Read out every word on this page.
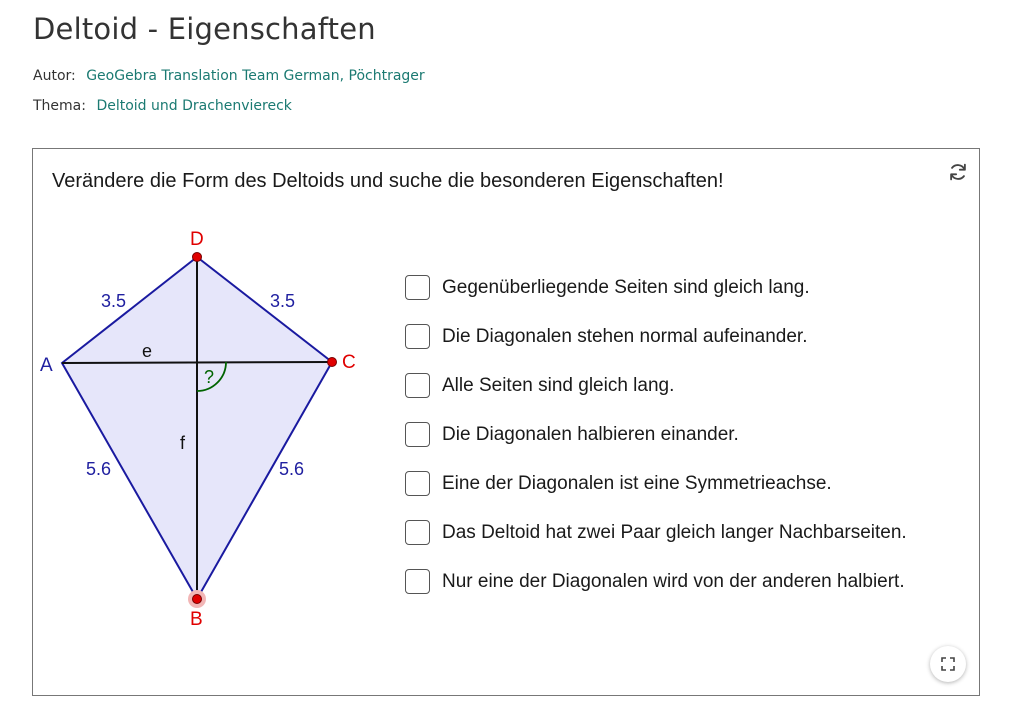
Deltoid - Eigenschaften
Autor: GeoGebra Translation Team German, Pöchtrager
Thema: Deltoid und Drachenviereck
Verändere die Form des Deltoids und suche die besonderen Eigenschaften!
?
A
D
C
B
3.5	3.5
5.6	5.6
e
f
Gegenüberliegende Seiten sind gleich lang.
Die Diagonalen stehen normal aufeinander.
Alle Seiten sind gleich lang.
Die Diagonalen halbieren einander.
Eine der Diagonalen ist eine Symmetrieachse.
Das Deltoid hat zwei Paar gleich langer Nachbarseiten.
Nur eine der Diagonalen wird von der anderen halbiert.
